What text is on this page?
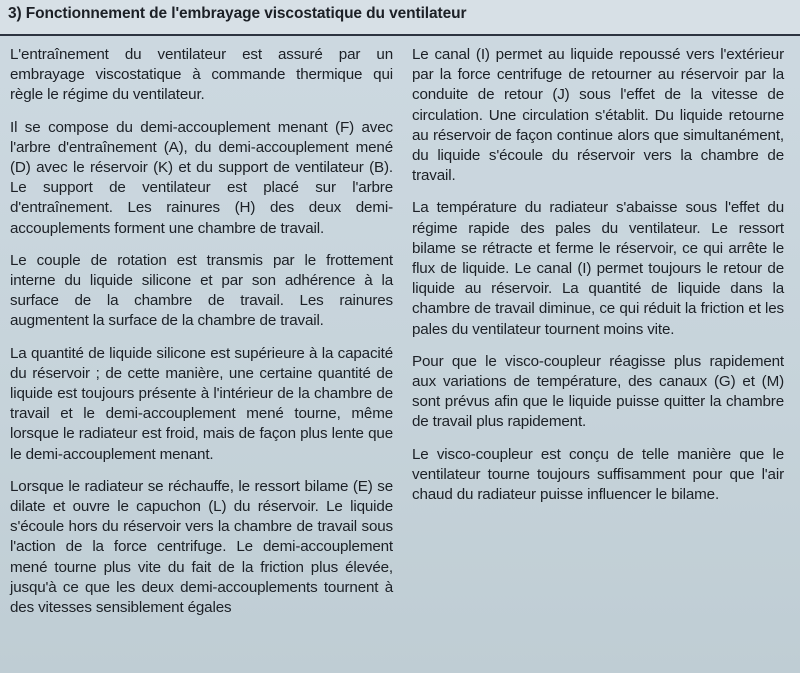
3) Fonctionnement de l'embrayage viscostatique du ventilateur

L'entraînement du ventilateur est assuré par un embrayage viscostatique à commande thermique qui règle le régime du ventilateur.

Il se compose du demi-accouplement menant (F) avec l'arbre d'entraînement (A), du demi-accouplement mené (D) avec le réservoir (K) et du support de ventilateur (B). Le support de ventilateur est placé sur l'arbre d'entraînement. Les rainures (H) des deux demi-accouplements forment une chambre de travail.

Le couple de rotation est transmis par le frottement interne du liquide silicone et par son adhérence à la surface de la chambre de travail. Les rainures augmentent la surface de la chambre de travail.

La quantité de liquide silicone est supérieure à la capacité du réservoir ; de cette manière, une certaine quantité de liquide est toujours présente à l'intérieur de la chambre de travail et le demi-accouplement mené tourne, même lorsque le radiateur est froid, mais de façon plus lente que le demi-accouplement menant.

Lorsque le radiateur se réchauffe, le ressort bilame (E) se dilate et ouvre le capuchon (L) du réservoir. Le liquide s'écoule hors du réservoir vers la chambre de travail sous l'action de la force centrifuge. Le demi-accouplement mené tourne plus vite du fait de la friction plus élevée, jusqu'à ce que les deux demi-accouplements tournent à des vitesses sensiblement égales

Le canal (I) permet au liquide repoussé vers l'extérieur par la force centrifuge de retourner au réservoir par la conduite de retour (J) sous l'effet de la vitesse de circulation. Une circulation s'établit. Du liquide retourne au réservoir de façon continue alors que simultanément, du liquide s'écoule du réservoir vers la chambre de travail.

La température du radiateur s'abaisse sous l'effet du régime rapide des pales du ventilateur. Le ressort bilame se rétracte et ferme le réservoir, ce qui arrête le flux de liquide. Le canal (I) permet toujours le retour de liquide au réservoir. La quantité de liquide dans la chambre de travail diminue, ce qui réduit la friction et les pales du ventilateur tournent moins vite.

Pour que le visco-coupleur réagisse plus rapidement aux variations de température, des canaux (G) et (M) sont prévus afin que le liquide puisse quitter la chambre de travail plus rapidement.

Le visco-coupleur est conçu de telle manière que le ventilateur tourne toujours suffisamment pour que l'air chaud du radiateur puisse influencer le bilame.
